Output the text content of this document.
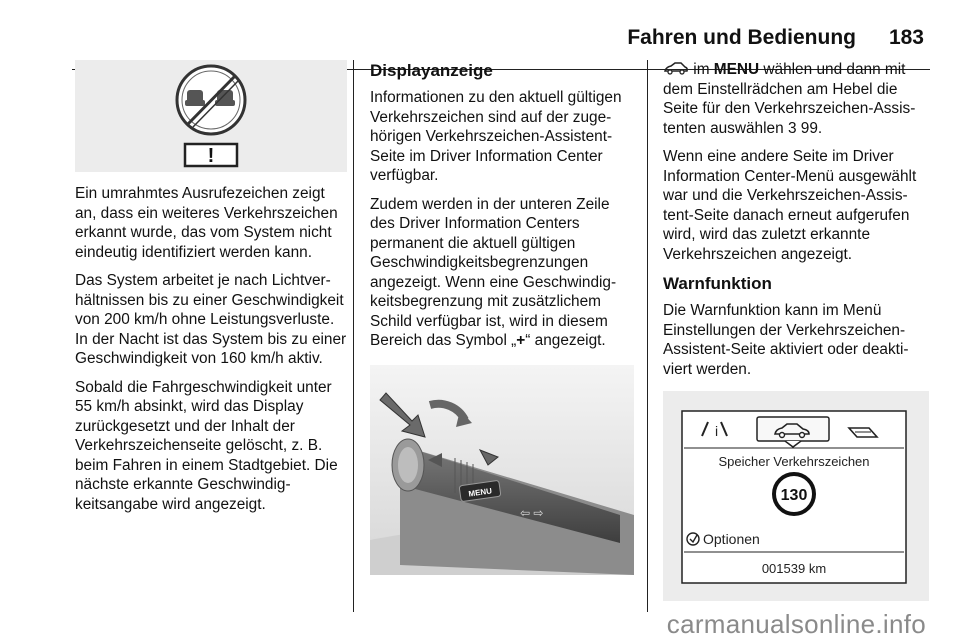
Fahren und Bedienung 183
!

Ein umrahmtes Ausrufezeichen zeigt an, dass ein weiteres Verkehrszeichen erkannt wurde, das vom System nicht eindeutig identifiziert werden kann.

Das System arbeitet je nach Lichtverhältnissen bis zu einer Geschwindigkeit von 200 km/h ohne Leistungsverluste. In der Nacht ist das System bis zu einer Geschwindigkeit von 160 km/h aktiv.

Sobald die Fahrgeschwindigkeit unter 55 km/h absinkt, wird das Display zurückgesetzt und der Inhalt der Verkehrszeichenseite gelöscht, z. B. beim Fahren in einem Stadtgebiet. Die nächste erkannte Geschwindigkeitsangabe wird angezeigt.

Displayanzeige

Informationen zu den aktuell gültigen Verkehrszeichen sind auf der zugehörigen Verkehrszeichen-Assistent-Seite im Driver Information Center verfügbar.

Zudem werden in der unteren Zeile des Driver Information Centers permanent die aktuell gültigen Geschwindigkeitsbegrenzungen angezeigt. Wenn eine Geschwindigkeitsbegrenzung mit zusätzlichem Schild verfügbar ist, wird in diesem Bereich das Symbol „+“ angezeigt.

MENU
⇦ ⇨

im MENU wählen und dann mit dem Einstellrädchen am Hebel die Seite für den Verkehrszeichen-Assistenten auswählen 3 99.

Wenn eine andere Seite im Driver Information Center-Menü ausgewählt war und die Verkehrszeichen-Assistent-Seite danach erneut aufgerufen wird, wird das zuletzt erkannte Verkehrszeichen angezeigt.

Warnfunktion

Die Warnfunktion kann im Menü Einstellungen der Verkehrszeichen-Assistent-Seite aktiviert oder deaktiviert werden.

i
Speicher Verkehrszeichen
130
Optionen
001539 km
carmanualsonline.info
